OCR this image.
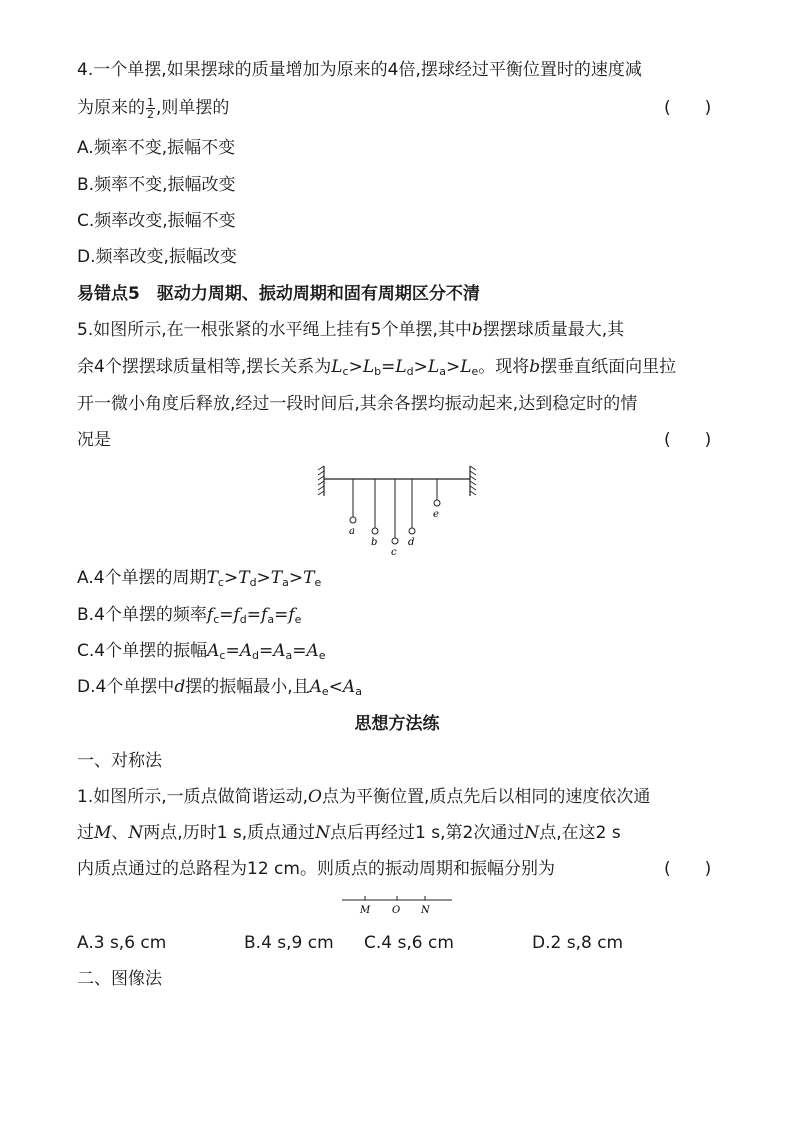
4.一个单摆,如果摆球的质量增加为原来的4倍,摆球经过平衡位置时的速度减
为原来的 $\frac{1}{2}$ ,则单摆的	(　　)
A.频率不变,振幅不变
B.频率不变,振幅改变
C.频率改变,振幅不变
D.频率改变,振幅改变
易错点5　驱动力周期、振动周期和固有周期区分不清
5.如图所示,在一根张紧的水平绳上挂有5个单摆,其中b摆摆球质量最大,其
余4个摆摆球质量相等,摆长关系为$L_c>L_b=L_d>L_a>L_e$。现将b摆垂直纸面向里拉
开一微小角度后释放,经过一段时间后,其余各摆均振动起来,达到稳定时的情
况是	(　　)
a
b
c
d
e
A.4个单摆的周期$T_c>T_d>T_a>T_e$
B.4个单摆的频率$f_c=f_d=f_a=f_e$
C.4个单摆的振幅$A_c=A_d=A_a=A_e$
D.4个单摆中d摆的振幅最小,且$A_e<A_a$
思想方法练
一、对称法
1.如图所示,一质点做简谐运动,O点为平衡位置,质点先后以相同的速度依次通
过M、N两点,历时1 s,质点通过N点后再经过1 s,第2次通过N点,在这2 s
内质点通过的总路程为12 cm。则质点的振动周期和振幅分别为	(　　)
M O N
A.3 s,6 cm	B.4 s,9 cm C.4 s,6 cm	D.2 s,8 cm
二、图像法
